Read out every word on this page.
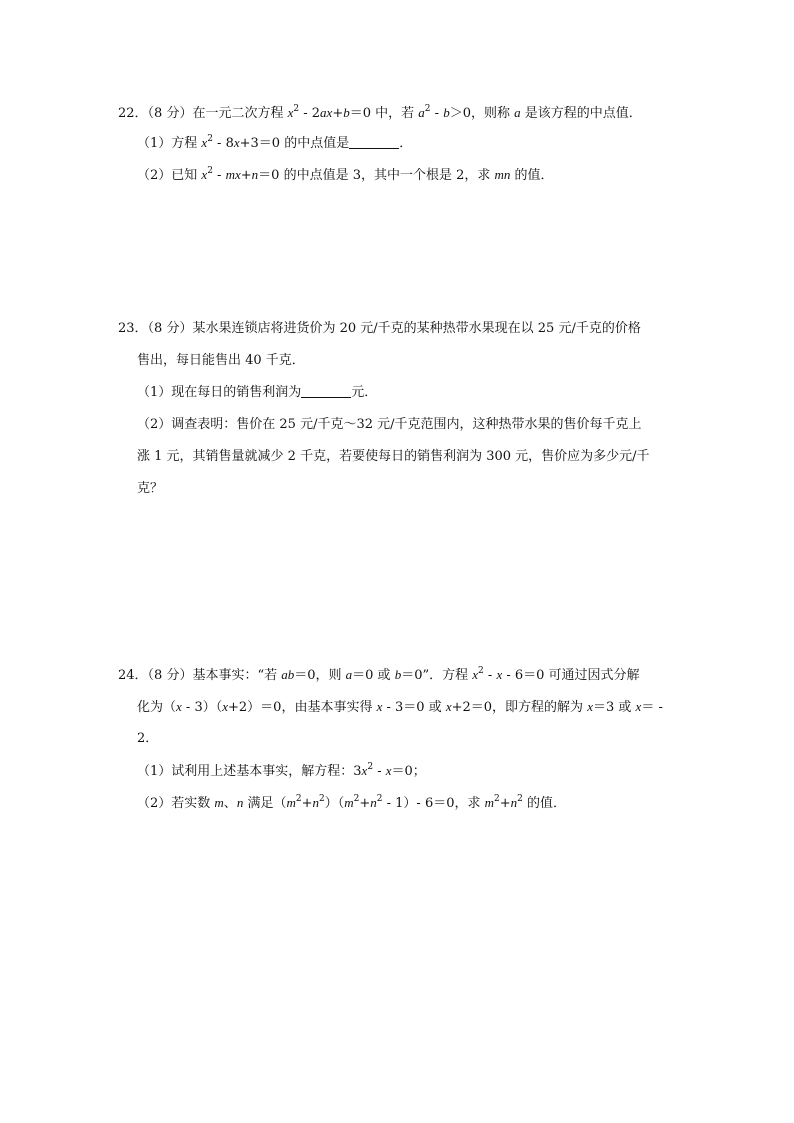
22．（8 分）在一元二次方程 $x^2 - 2ax+b=0$ 中，若 $a^2 - b>0$，则称 a 是该方程的中点值．
（1）方程 $x^2 - 8x+3=0$ 的中点值是	．
（2）已知 $x^2 - mx+n=0$ 的中点值是 3，其中一个根是 2，求 mn 的值．
23．（8 分）某水果连锁店将进货价为 20 元/千克的某种热带水果现在以 25 元/千克的价格
售出，每日能售出 40 千克．
（1）现在每日的销售利润为	元．
（2）调查表明：售价在 25 元/千克～32 元/千克范围内，这种热带水果的售价每千克上
涨 1 元，其销售量就减少 2 千克，若要使每日的销售利润为 300 元，售价应为多少元/千
克？
24．（8 分）基本事实：“若 ab＝0，则 a＝0 或 b＝0”．方程 $x^2 - x - 6=0$ 可通过因式分解
化为（x - 3）（x+2）＝0，由基本事实得 x - 3＝0 或 x+2＝0，即方程的解为 x＝3 或 x＝ -
2．
（1）试利用上述基本事实，解方程：$3x^2 - x=0$；
（2）若实数 m、n 满足$(m^2+n^2)(m^2+n^2 - 1)-$ 6＝0，求 $m^2+n^2$ 的值．
